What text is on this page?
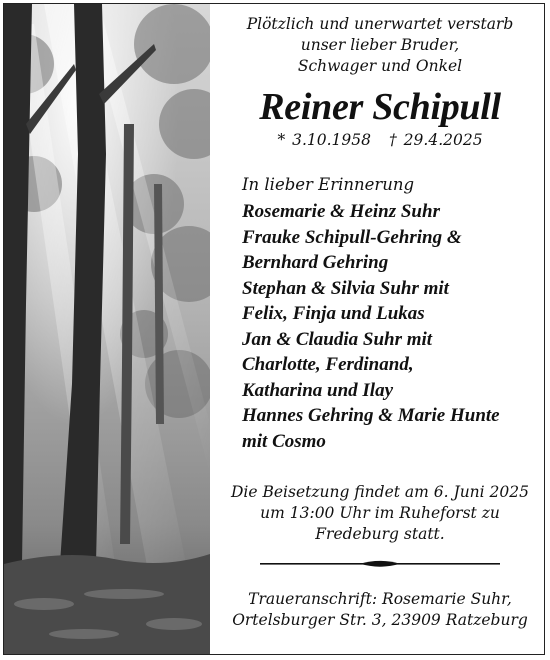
Plötzlich und unerwartet verstarb
unser lieber Bruder,
Schwager und Onkel
Reiner Schipull
* 3.10.1958 † 29.4.2025
In lieber Erinnerung
Rosemarie & Heinz Suhr
Frauke Schipull-Gehring &
Bernhard Gehring
Stephan & Silvia Suhr mit
Felix, Finja und Lukas
Jan & Claudia Suhr mit
Charlotte, Ferdinand,
Katharina und Ilay
Hannes Gehring & Marie Hunte
mit Cosmo
Die Beisetzung findet am 6. Juni 2025
um 13:00 Uhr im Ruheforst zu
Fredeburg statt.
Traueranschrift: Rosemarie Suhr,
Ortelsburger Str. 3, 23909 Ratzeburg
